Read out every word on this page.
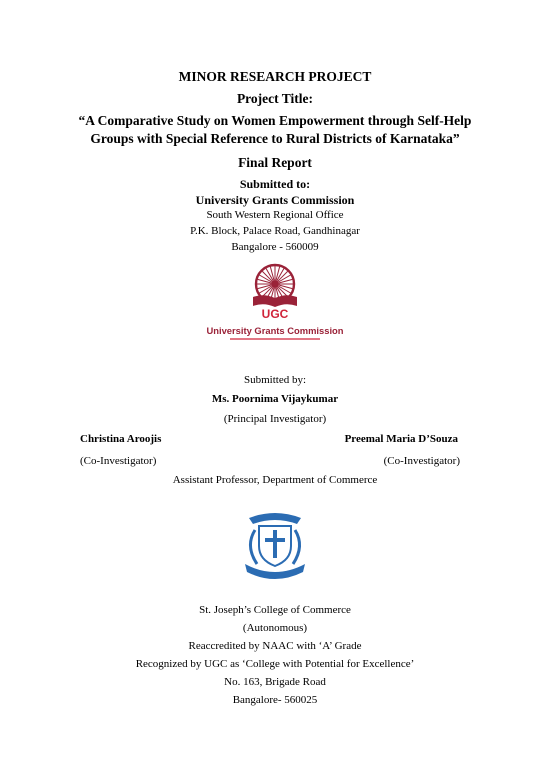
MINOR RESEARCH PROJECT
Project Title:
“A Comparative Study on Women Empowerment through Self-Help
Groups with Special Reference to Rural Districts of Karnataka”
Final Report
Submitted to:
University Grants Commission
South Western Regional Office
P.K. Block, Palace Road, Gandhinagar
Bangalore - 560009
UGC
University Grants Commission
Submitted by:
Ms. Poornima Vijaykumar
(Principal Investigator)
Christina Aroojis	Preemal Maria D’Souza
(Co-Investigator)	(Co-Investigator)
Assistant Professor, Department of Commerce
St. Joseph’s College of Commerce
(Autonomous)
Reaccredited by NAAC with ‘A’ Grade
Recognized by UGC as ‘College with Potential for Excellence’
No. 163, Brigade Road
Bangalore- 560025
